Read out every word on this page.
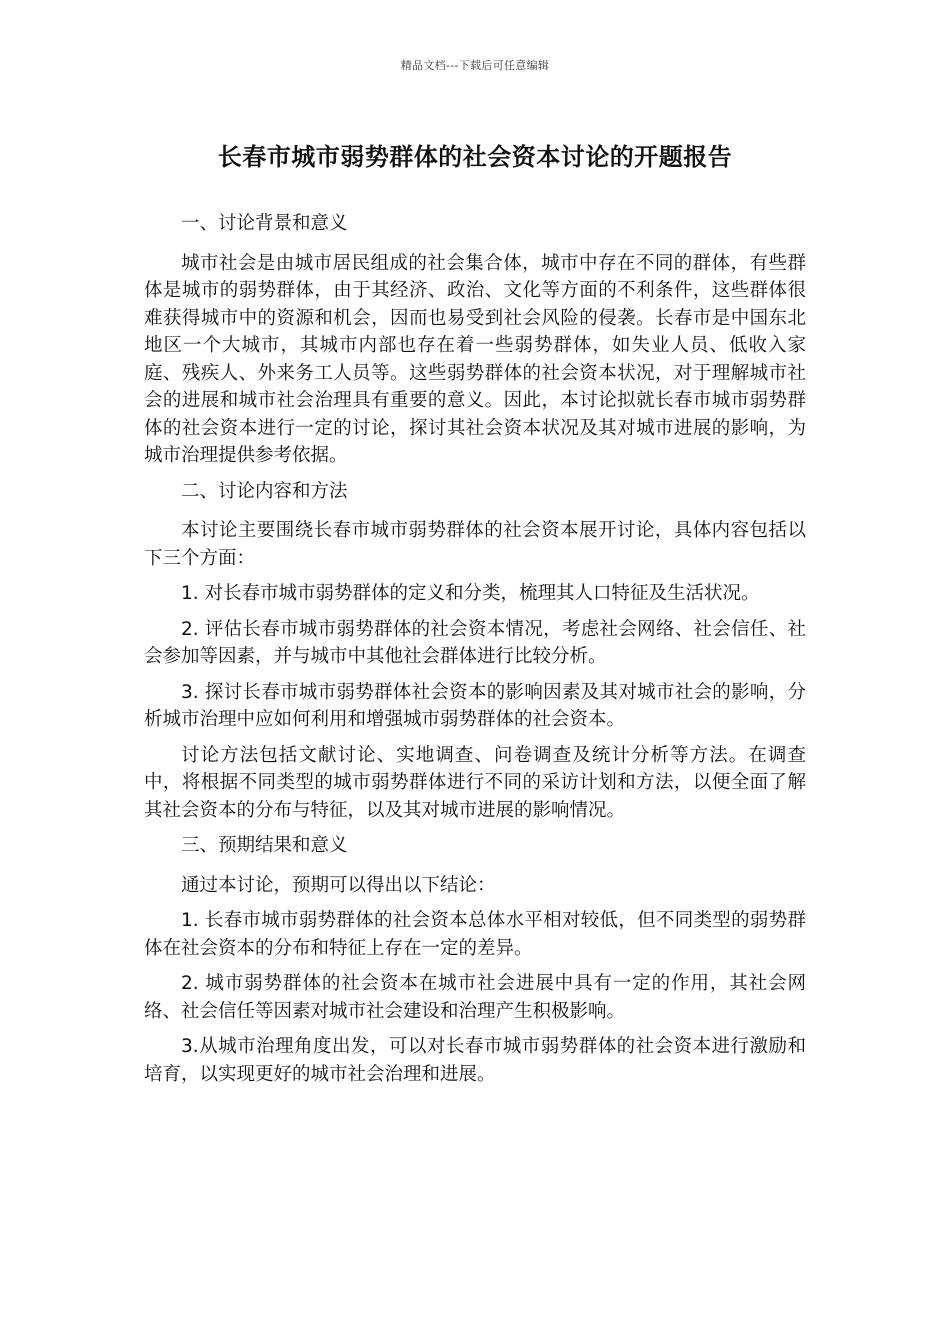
精品文档---下载后可任意编辑
长春市城市弱势群体的社会资本讨论的开题报告

一、讨论背景和意义

城市社会是由城市居民组成的社会集合体，城市中存在不同的群体，有些群体是城市的弱势群体，由于其经济、政治、文化等方面的不利条件，这些群体很难获得城市中的资源和机会，因而也易受到社会风险的侵袭。长春市是中国东北地区一个大城市，其城市内部也存在着一些弱势群体，如失业人员、低收入家庭、残疾人、外来务工人员等。这些弱势群体的社会资本状况，对于理解城市社会的进展和城市社会治理具有重要的意义。因此，本讨论拟就长春市城市弱势群体的社会资本进行一定的讨论，探讨其社会资本状况及其对城市进展的影响，为城市治理提供参考依据。

二、讨论内容和方法

本讨论主要围绕长春市城市弱势群体的社会资本展开讨论，具体内容包括以下三个方面：

1. 对长春市城市弱势群体的定义和分类，梳理其人口特征及生活状况。

2. 评估长春市城市弱势群体的社会资本情况，考虑社会网络、社会信任、社会参加等因素，并与城市中其他社会群体进行比较分析。

3. 探讨长春市城市弱势群体社会资本的影响因素及其对城市社会的影响，分析城市治理中应如何利用和增强城市弱势群体的社会资本。

讨论方法包括文献讨论、实地调查、问卷调查及统计分析等方法。在调查中，将根据不同类型的城市弱势群体进行不同的采访计划和方法，以便全面了解其社会资本的分布与特征，以及其对城市进展的影响情况。

三、预期结果和意义

通过本讨论，预期可以得出以下结论：

1. 长春市城市弱势群体的社会资本总体水平相对较低，但不同类型的弱势群体在社会资本的分布和特征上存在一定的差异。

2. 城市弱势群体的社会资本在城市社会进展中具有一定的作用，其社会网络、社会信任等因素对城市社会建设和治理产生积极影响。

3.从城市治理角度出发，可以对长春市城市弱势群体的社会资本进行激励和培育，以实现更好的城市社会治理和进展。
